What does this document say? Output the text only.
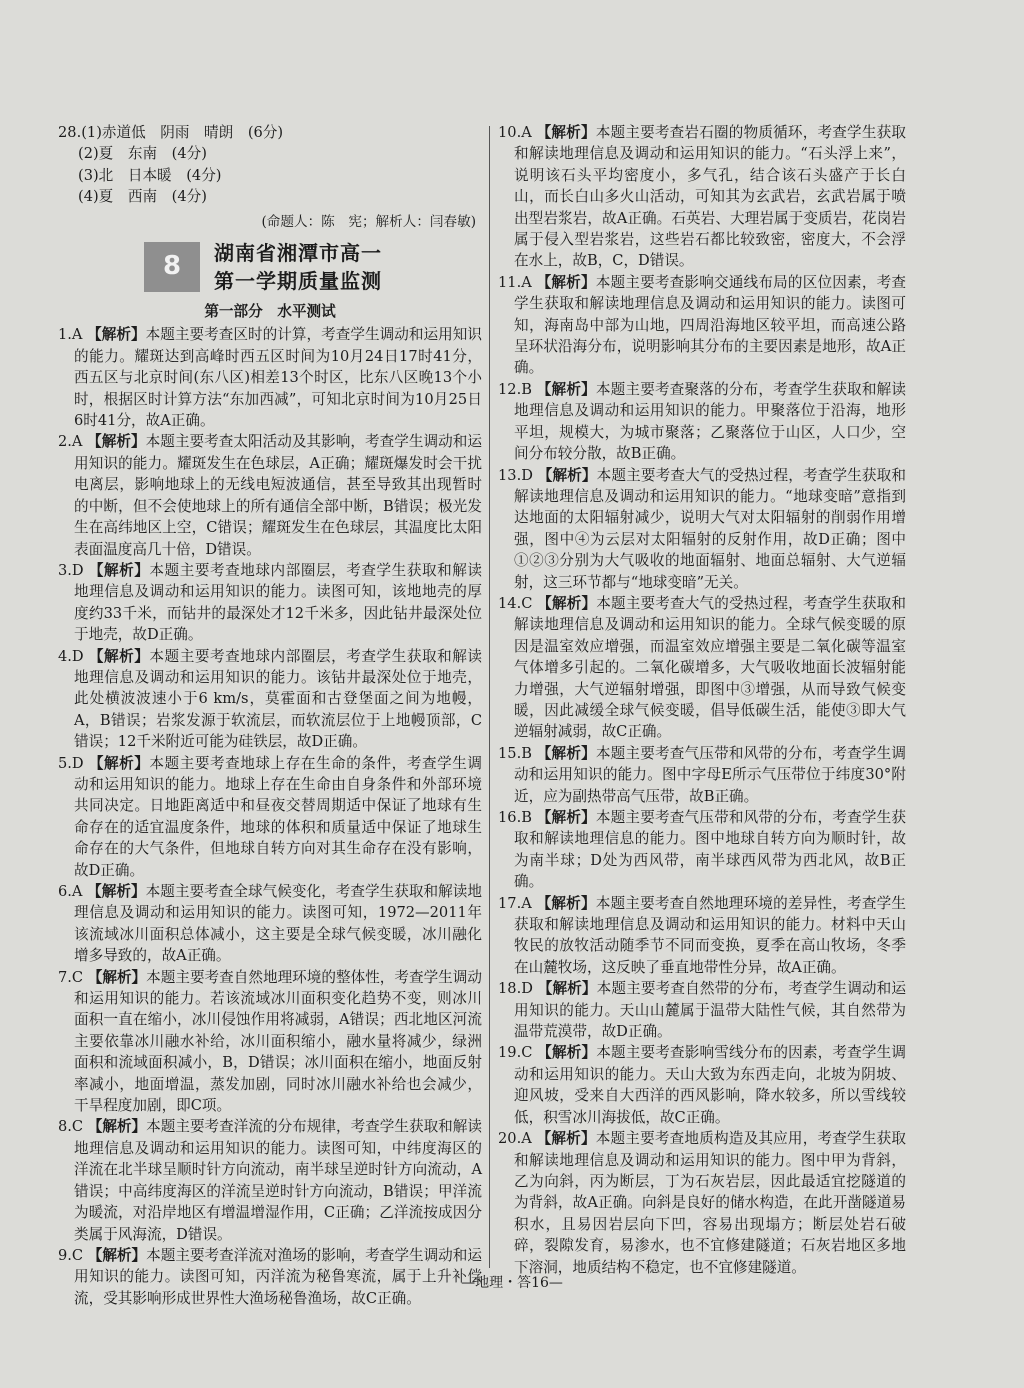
28.(1)赤道低　阴雨　晴朗　(6分)
(2)夏　东南　(4分)
(3)北　日本暖　(4分)
(4)夏　西南　(4分)
(命题人：陈　宪；解析人：闫春敏)
8	湖南省湘潭市高一
第一学期质量监测
第一部分　水平测试

1.A 【解析】本题主要考查区时的计算，考查学生调动和运用知识的能力。耀斑达到高峰时西五区时间为10月24日17时41分，西五区与北京时间(东八区)相差13个时区，比东八区晚13个小时，根据区时计算方法“东加西减”，可知北京时间为10月25日6时41分，故A正确。

2.A 【解析】本题主要考查太阳活动及其影响，考查学生调动和运用知识的能力。耀斑发生在色球层，A正确；耀斑爆发时会干扰电离层，影响地球上的无线电短波通信，甚至导致其出现暂时的中断，但不会使地球上的所有通信全部中断，B错误；极光发生在高纬地区上空，C错误；耀斑发生在色球层，其温度比太阳表面温度高几十倍，D错误。

3.D 【解析】本题主要考查地球内部圈层，考查学生获取和解读地理信息及调动和运用知识的能力。读图可知，该地地壳的厚度约33千米，而钻井的最深处才12千米多，因此钻井最深处位于地壳，故D正确。

4.D 【解析】本题主要考查地球内部圈层，考查学生获取和解读地理信息及调动和运用知识的能力。该钻井最深处位于地壳，此处横波波速小于6 km/s，莫霍面和古登堡面之间为地幔，A，B错误；岩浆发源于软流层，而软流层位于上地幔顶部，C错误；12千米附近可能为硅铁层，故D正确。

5.D 【解析】本题主要考查地球上存在生命的条件，考查学生调动和运用知识的能力。地球上存在生命由自身条件和外部环境共同决定。日地距离适中和昼夜交替周期适中保证了地球有生命存在的适宜温度条件，地球的体积和质量适中保证了地球生命存在的大气条件，但地球自转方向对其生命存在没有影响，故D正确。

6.A 【解析】本题主要考查全球气候变化，考查学生获取和解读地理信息及调动和运用知识的能力。读图可知，1972—2011年该流域冰川面积总体减小，这主要是全球气候变暖，冰川融化增多导致的，故A正确。

7.C 【解析】本题主要考查自然地理环境的整体性，考查学生调动和运用知识的能力。若该流域冰川面积变化趋势不变，则冰川面积一直在缩小，冰川侵蚀作用将减弱，A错误；西北地区河流主要依靠冰川融水补给，冰川面积缩小，融水量将减少，绿洲面积和流域面积减小，B，D错误；冰川面积在缩小，地面反射率减小，地面增温，蒸发加剧，同时冰川融水补给也会减少，干旱程度加剧，即C项。

8.C 【解析】本题主要考查洋流的分布规律，考查学生获取和解读地理信息及调动和运用知识的能力。读图可知，中纬度海区的洋流在北半球呈顺时针方向流动，南半球呈逆时针方向流动，A错误；中高纬度海区的洋流呈逆时针方向流动，B错误；甲洋流为暖流，对沿岸地区有增温增湿作用，C正确；乙洋流按成因分类属于风海流，D错误。

9.C 【解析】本题主要考查洋流对渔场的影响，考查学生调动和运用知识的能力。读图可知，丙洋流为秘鲁寒流，属于上升补偿流，受其影响形成世界性大渔场秘鲁渔场，故C正确。

10.A 【解析】本题主要考查岩石圈的物质循环，考查学生获取和解读地理信息及调动和运用知识的能力。“石头浮上来”，说明该石头平均密度小，多气孔，结合该石头盛产于长白山，而长白山多火山活动，可知其为玄武岩，玄武岩属于喷出型岩浆岩，故A正确。石英岩、大理岩属于变质岩，花岗岩属于侵入型岩浆岩，这些岩石都比较致密，密度大，不会浮在水上，故B，C，D错误。

11.A 【解析】本题主要考查影响交通线布局的区位因素，考查学生获取和解读地理信息及调动和运用知识的能力。读图可知，海南岛中部为山地，四周沿海地区较平坦，而高速公路呈环状沿海分布，说明影响其分布的主要因素是地形，故A正确。

12.B 【解析】本题主要考查聚落的分布，考查学生获取和解读地理信息及调动和运用知识的能力。甲聚落位于沿海，地形平坦，规模大，为城市聚落；乙聚落位于山区，人口少，空间分布较分散，故B正确。

13.D 【解析】本题主要考查大气的受热过程，考查学生获取和解读地理信息及调动和运用知识的能力。“地球变暗”意指到达地面的太阳辐射减少，说明大气对太阳辐射的削弱作用增强，图中④为云层对太阳辐射的反射作用，故D正确；图中①②③分别为大气吸收的地面辐射、地面总辐射、大气逆辐射，这三环节都与“地球变暗”无关。

14.C 【解析】本题主要考查大气的受热过程，考查学生获取和解读地理信息及调动和运用知识的能力。全球气候变暖的原因是温室效应增强，而温室效应增强主要是二氧化碳等温室气体增多引起的。二氧化碳增多，大气吸收地面长波辐射能力增强，大气逆辐射增强，即图中③增强，从而导致气候变暖，因此减缓全球气候变暖，倡导低碳生活，能使③即大气逆辐射减弱，故C正确。

15.B 【解析】本题主要考查气压带和风带的分布，考查学生调动和运用知识的能力。图中字母E所示气压带位于纬度30°附近，应为副热带高气压带，故B正确。

16.B 【解析】本题主要考查气压带和风带的分布，考查学生获取和解读地理信息的能力。图中地球自转方向为顺时针，故为南半球；D处为西风带，南半球西风带为西北风，故B正确。

17.A 【解析】本题主要考查自然地理环境的差异性，考查学生获取和解读地理信息及调动和运用知识的能力。材料中天山牧民的放牧活动随季节不同而变换，夏季在高山牧场，冬季在山麓牧场，这反映了垂直地带性分异，故A正确。

18.D 【解析】本题主要考查自然带的分布，考查学生调动和运用知识的能力。天山山麓属于温带大陆性气候，其自然带为温带荒漠带，故D正确。

19.C 【解析】本题主要考查影响雪线分布的因素，考查学生调动和运用知识的能力。天山大致为东西走向，北坡为阴坡、迎风坡，受来自大西洋的西风影响，降水较多，所以雪线较低，积雪冰川海拔低，故C正确。

20.A 【解析】本题主要考查地质构造及其应用，考查学生获取和解读地理信息及调动和运用知识的能力。图中甲为背斜，乙为向斜，丙为断层，丁为石灰岩层，因此最适宜挖隧道的为背斜，故A正确。向斜是良好的储水构造，在此开凿隧道易积水，且易因岩层向下凹，容易出现塌方；断层处岩石破碎，裂隙发育，易渗水，也不宜修建隧道；石灰岩地区多地下溶洞，地质结构不稳定，也不宜修建隧道。

—地理・答16—
